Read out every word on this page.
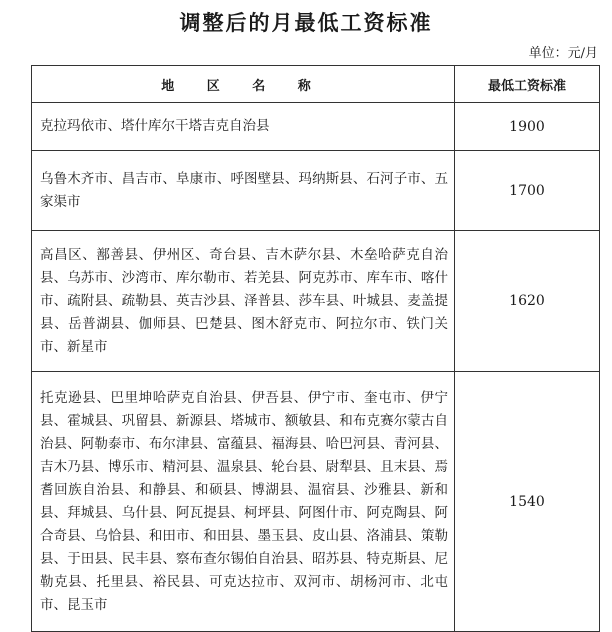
调整后的月最低工资标准
单位：元/月
地 区 名 称	最低工资标准
克拉玛依市、塔什库尔干塔吉克自治县	1900
乌鲁木齐市、昌吉市、阜康市、呼图壁县、玛纳斯县、石河子市、五家渠市	1700
高昌区、鄯善县、伊州区、奇台县、吉木萨尔县、木垒哈萨克自治县、乌苏市、沙湾市、库尔勒市、若羌县、阿克苏市、库车市、喀什市、疏附县、疏勒县、英吉沙县、泽普县、莎车县、叶城县、麦盖提县、岳普湖县、伽师县、巴楚县、图木舒克市、阿拉尔市、铁门关市、新星市	1620
托克逊县、巴里坤哈萨克自治县、伊吾县、伊宁市、奎屯市、伊宁县、霍城县、巩留县、新源县、塔城市、额敏县、和布克赛尔蒙古自治县、阿勒泰市、布尔津县、富蕴县、福海县、哈巴河县、青河县、吉木乃县、博乐市、精河县、温泉县、轮台县、尉犁县、且末县、焉耆回族自治县、和静县、和硕县、博湖县、温宿县、沙雅县、新和县、拜城县、乌什县、阿瓦提县、柯坪县、阿图什市、阿克陶县、阿合奇县、乌恰县、和田市、和田县、墨玉县、皮山县、洛浦县、策勒县、于田县、民丰县、察布查尔锡伯自治县、昭苏县、特克斯县、尼勒克县、托里县、裕民县、可克达拉市、双河市、胡杨河市、北屯市、昆玉市	1540
